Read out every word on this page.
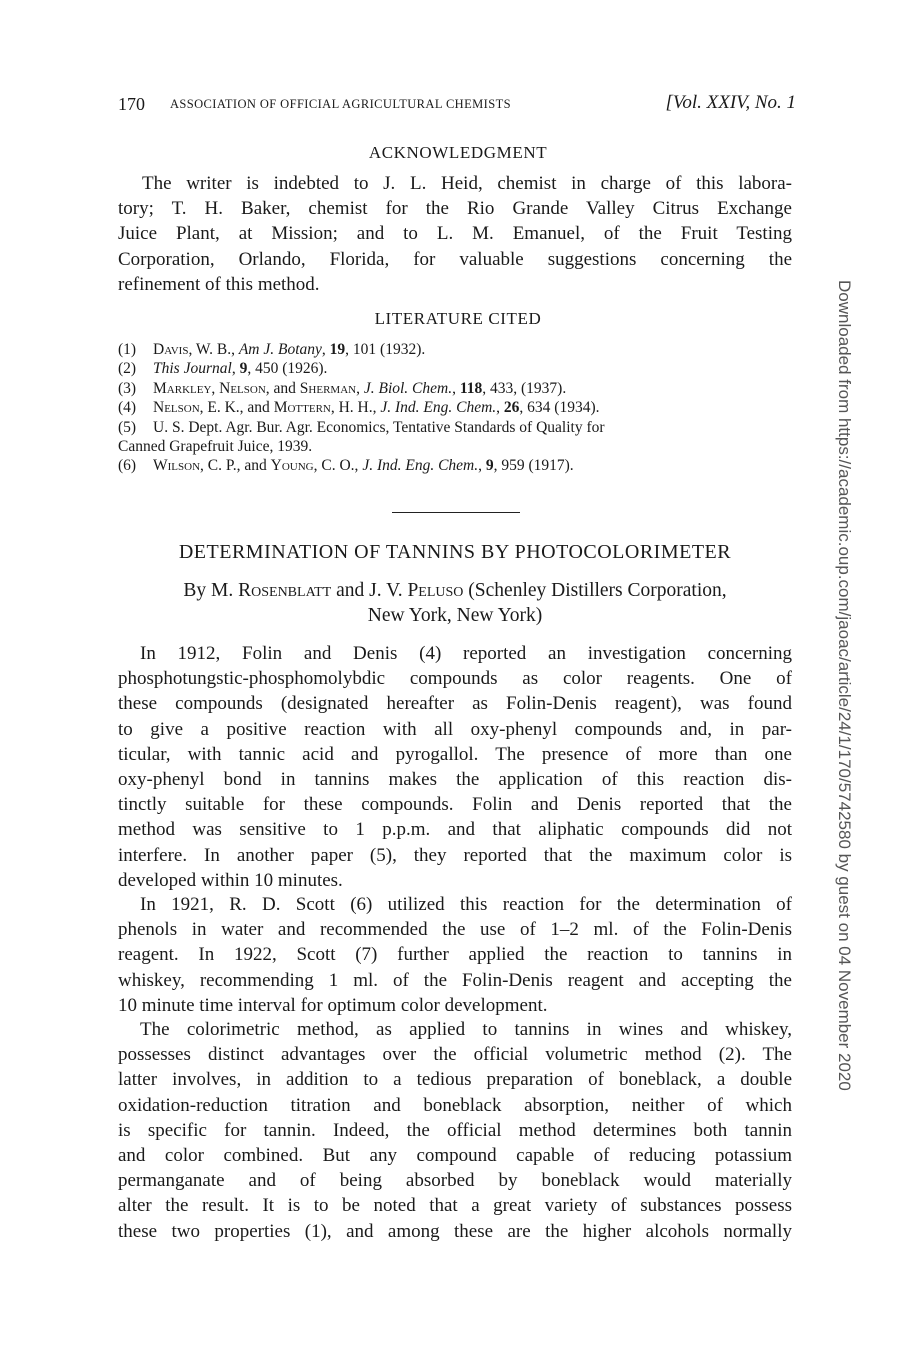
170 ASSOCIATION OF OFFICIAL AGRICULTURAL CHEMISTS	[Vol. XXIV, No. 1
ACKNOWLEDGMENT
The writer is indebted to J. L. Heid, chemist in charge of this labora-
tory; T. H. Baker, chemist for the Rio Grande Valley Citrus Exchange
Juice Plant, at Mission; and to L. M. Emanuel, of the Fruit Testing
Corporation, Orlando, Florida, for valuable suggestions concerning the
refinement of this method.
LITERATURE CITED
(1)	Davis, W. B., Am J. Botany, 19, 101 (1932).
(2)	This Journal, 9, 450 (1926).
(3)	Markley, Nelson, and Sherman, J. Biol. Chem., 118, 433, (1937).
(4)	Nelson, E. K., and Mottern, H. H., J. Ind. Eng. Chem., 26, 634 (1934).
(5)	U. S. Dept. Agr. Bur. Agr. Economics, Tentative Standards of Quality for
Canned Grapefruit Juice, 1939.
(6)	Wilson, C. P., and Young, C. O., J. Ind. Eng. Chem., 9, 959 (1917).
DETERMINATION OF TANNINS BY PHOTOCOLORIMETER
By M. Rosenblatt and J. V. Peluso (Schenley Distillers Corporation,
New York, New York)
In 1912, Folin and Denis (4) reported an investigation concerning
phosphotungstic-phosphomolybdic compounds as color reagents. One of
these compounds (designated hereafter as Folin-Denis reagent), was found
to give a positive reaction with all oxy-phenyl compounds and, in par-
ticular, with tannic acid and pyrogallol. The presence of more than one
oxy-phenyl bond in tannins makes the application of this reaction dis-
tinctly suitable for these compounds. Folin and Denis reported that the
method was sensitive to 1 p.p.m. and that aliphatic compounds did not
interfere. In another paper (5), they reported that the maximum color is
developed within 10 minutes.
In 1921, R. D. Scott (6) utilized this reaction for the determination of
phenols in water and recommended the use of 1–2 ml. of the Folin-Denis
reagent. In 1922, Scott (7) further applied the reaction to tannins in
whiskey, recommending 1 ml. of the Folin-Denis reagent and accepting the
10 minute time interval for optimum color development.
The colorimetric method, as applied to tannins in wines and whiskey,
possesses distinct advantages over the official volumetric method (2). The
latter involves, in addition to a tedious preparation of boneblack, a double
oxidation-reduction titration and boneblack absorption, neither of which
is specific for tannin. Indeed, the official method determines both tannin
and color combined. But any compound capable of reducing potassium
permanganate and of being absorbed by boneblack would materially
alter the result. It is to be noted that a great variety of substances possess
these two properties (1), and among these are the higher alcohols normally
Downloaded from https://academic.oup.com/jaoac/article/24/1/170/5742580 by guest on 04 November 2020
